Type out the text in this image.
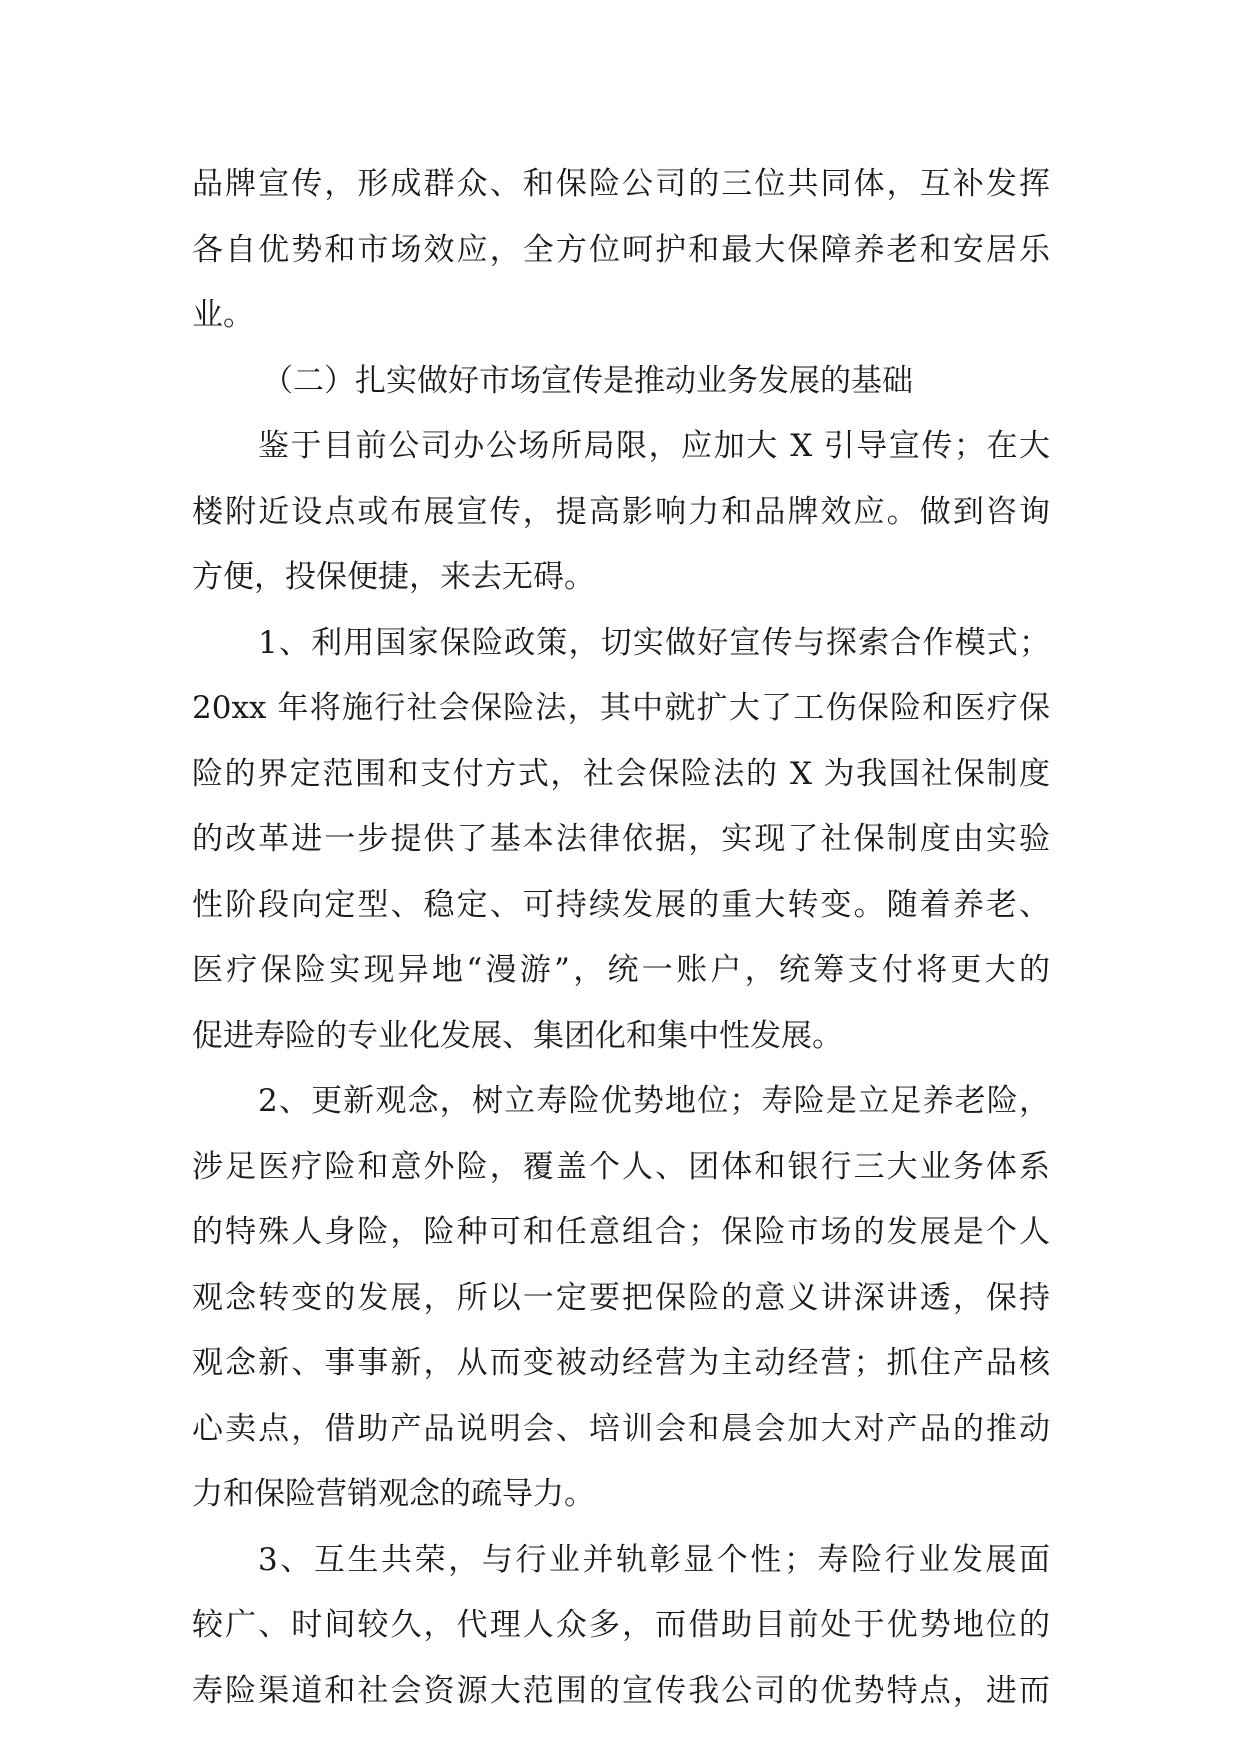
品牌宣传，形成群众、和保险公司的三位共同体，互补发挥
各自优势和市场效应，全方位呵护和最大保障养老和安居乐
业。
（二）扎实做好市场宣传是推动业务发展的基础
鉴于目前公司办公场所局限，应加大 X 引导宣传；在大
楼附近设点或布展宣传，提高影响力和品牌效应。做到咨询
方便，投保便捷，来去无碍。
1、利用国家保险政策，切实做好宣传与探索合作模式；
20xx 年将施行社会保险法，其中就扩大了工伤保险和医疗保
险的界定范围和支付方式，社会保险法的 X 为我国社保制度
的改革进一步提供了基本法律依据，实现了社保制度由实验
性阶段向定型、稳定、可持续发展的重大转变。随着养老、
医疗保险实现异地“漫游”，统一账户，统筹支付将更大的
促进寿险的专业化发展、集团化和集中性发展。
2、更新观念，树立寿险优势地位；寿险是立足养老险，
涉足医疗险和意外险，覆盖个人、团体和银行三大业务体系
的特殊人身险，险种可和任意组合；保险市场的发展是个人
观念转变的发展，所以一定要把保险的意义讲深讲透，保持
观念新、事事新，从而变被动经营为主动经营；抓住产品核
心卖点，借助产品说明会、培训会和晨会加大对产品的推动
力和保险营销观念的疏导力。
3、互生共荣，与行业并轨彰显个性；寿险行业发展面
较广、时间较久，代理人众多，而借助目前处于优势地位的
寿险渠道和社会资源大范围的宣传我公司的优势特点，进而
